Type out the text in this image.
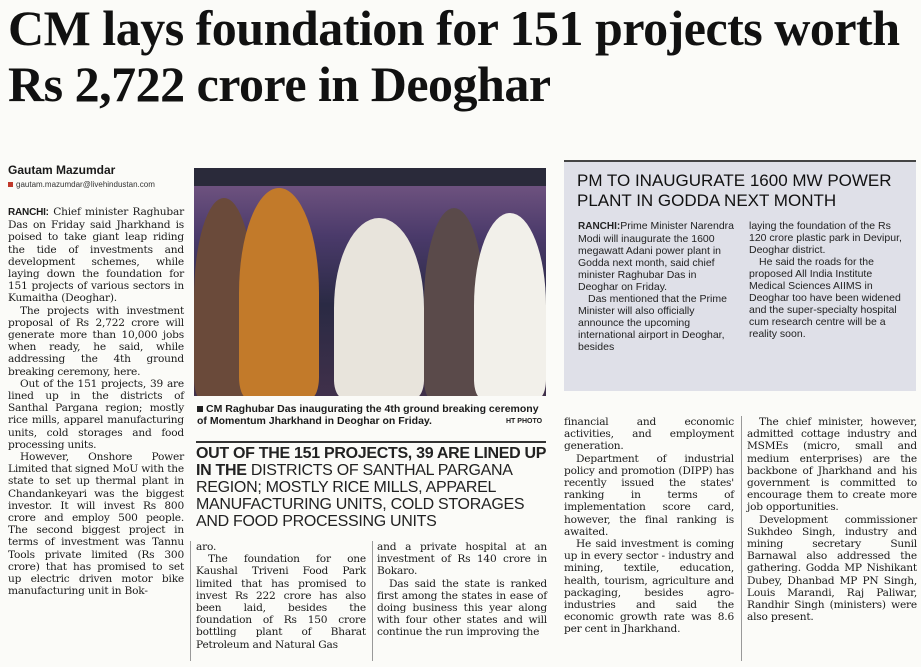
CM lays foundation for 151 projects worth Rs 2,722 crore in Deoghar
Gautam Mazumdar
gautam.mazumdar@livehindustan.com

RANCHI: Chief minister Raghubar Das on Friday said Jharkhand is poised to take giant leap riding the tide of investments and development schemes, while laying down the foundation for 151 projects of various sectors in Kumaitha (Deoghar).

The projects with investment proposal of Rs 2,722 crore will generate more than 10,000 jobs when ready, he said, while addressing the 4th ground breaking ceremony, here.

Out of the 151 projects, 39 are lined up in the districts of Santhal Pargana region; mostly rice mills, apparel manufacturing units, cold storages and food processing units.

However, Onshore Power Limited that signed MoU with the state to set up thermal plant in Chandankeyari was the biggest investor. It will invest Rs 800 crore and employ 500 people. The second biggest project in terms of investment was Tannu Tools private limited (Rs 300 crore) that has promised to set up electric driven motor bike manufacturing unit in Bok-

CM Raghubar Das inaugurating the 4th ground breaking ceremony of Momentum Jharkhand in Deoghar on Friday.	HT PHOTO
OUT OF THE 151 PROJECTS, 39 ARE LINED UP IN THE DISTRICTS OF SANTHAL PARGANA REGION; MOSTLY RICE MILLS, APPAREL MANUFACTURING UNITS, COLD STORAGES AND FOOD PROCESSING UNITS

aro.

The foundation for one Kaushal Triveni Food Park limited that has promised to invest Rs 222 crore has also been laid, besides the foundation of Rs 150 crore bottling plant of Bharat Petroleum and Natural Gas

and a private hospital at an investment of Rs 140 crore in Bokaro.

Das said the state is ranked first among the states in ease of doing business this year along with four other states and will continue the run improving the

financial and economic activities, and employment generation.

Department of industrial policy and promotion (DIPP) has recently issued the states' ranking in terms of implementation score card, however, the final ranking is awaited.

He said investment is coming up in every sector - industry and mining, textile, education, health, tourism, agriculture and packaging, besides agro-industries and said the economic growth rate was 8.6 per cent in Jharkhand.

The chief minister, however, admitted cottage industry and MSMEs (micro, small and medium enterprises) are the backbone of Jharkhand and his government is committed to encourage them to create more job opportunities.

Development commissioner Sukhdeo Singh, industry and mining secretary Sunil Barnawal also addressed the gathering. Godda MP Nishikant Dubey, Dhanbad MP PN Singh, Louis Marandi, Raj Paliwar, Randhir Singh (ministers) were also present.

PM TO INAUGURATE 1600 MW POWER PLANT IN GODDA NEXT MONTH

RANCHI:Prime Minister Narendra Modi will inaugurate the 1600 megawatt Adani power plant in Godda next month, said chief minister Raghubar Das in Deoghar on Friday.

Das mentioned that the Prime Minister will also officially announce the upcoming international airport in Deoghar, besides

laying the foundation of the Rs 120 crore plastic park in Devipur, Deoghar district.

He said the roads for the proposed All India Institute Medical Sciences AIIMS in Deoghar too have been widened and the super-specialty hospital cum research centre will be a reality soon.
